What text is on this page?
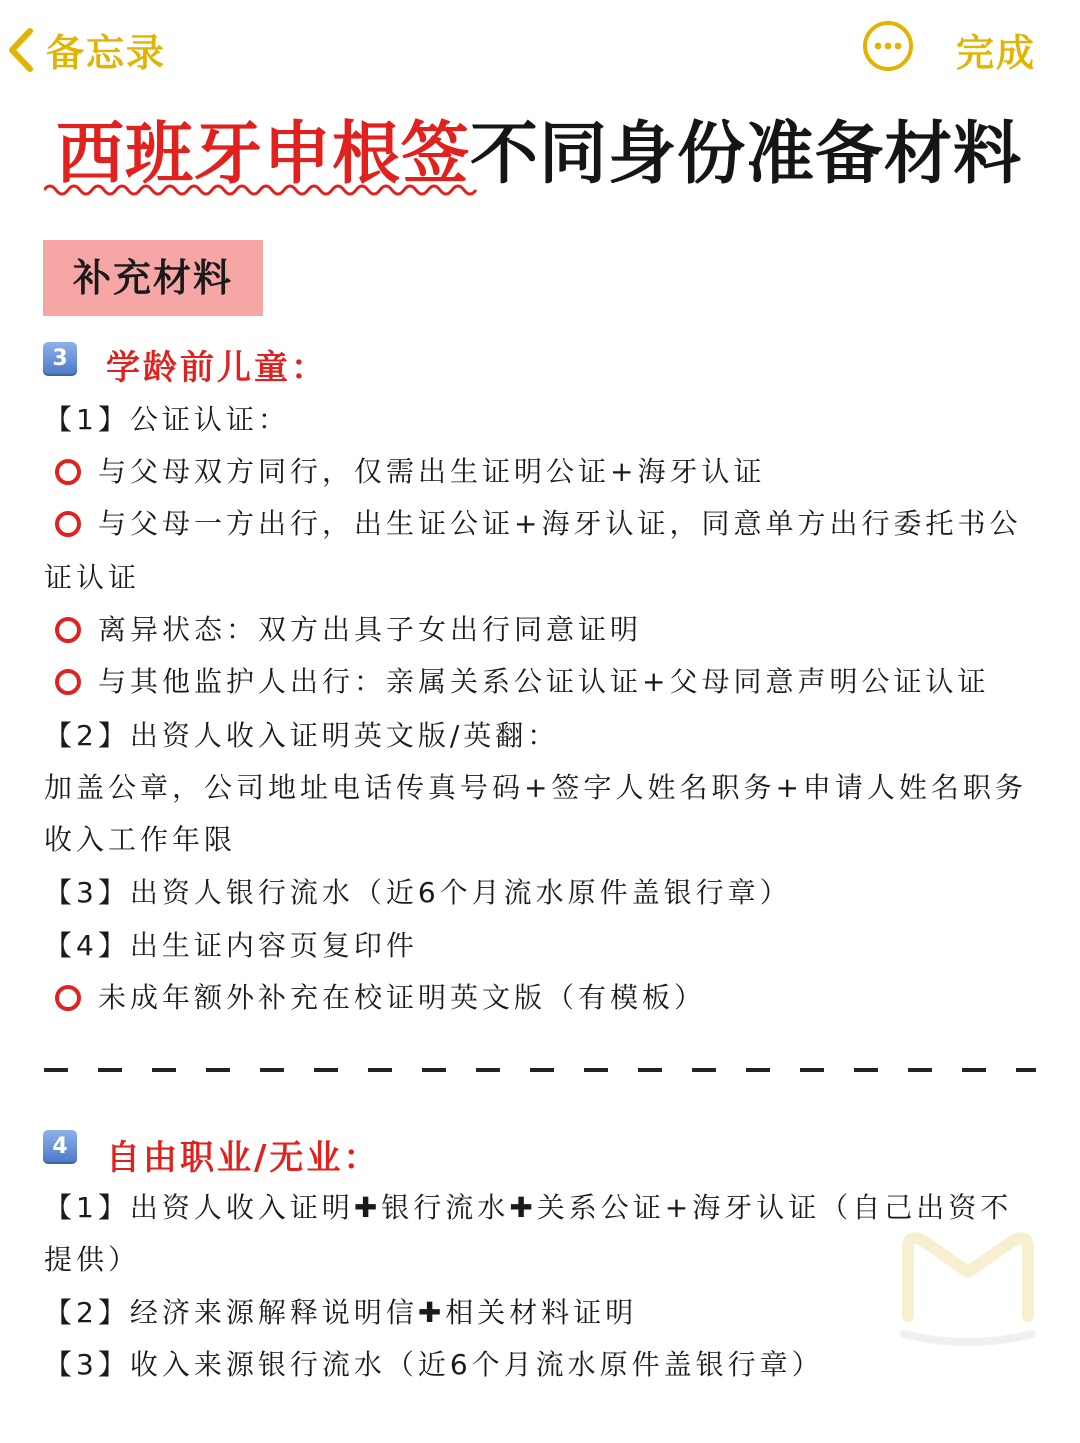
备忘录	完成
西班牙申根签不同身份准备材料
补充材料
3 学龄前儿童：
【1】公证认证：
与父母双方同行，仅需出生证明公证+海牙认证
与父母一方出行，出生证公证+海牙认证，同意单方出行委托书公
证认证
离异状态：双方出具子女出行同意证明
与其他监护人出行：亲属关系公证认证+父母同意声明公证认证
【2】出资人收入证明英文版/英翻：
加盖公章，公司地址电话传真号码+签字人姓名职务+申请人姓名职务
收入工作年限
【3】出资人银行流水（近6个月流水原件盖银行章）
【4】出生证内容页复印件
未成年额外补充在校证明英文版（有模板）
4 自由职业/无业：
【1】出资人收入证明✚银行流水✚关系公证+海牙认证（自己出资不
提供）
【2】经济来源解释说明信✚相关材料证明
【3】收入来源银行流水（近6个月流水原件盖银行章）
